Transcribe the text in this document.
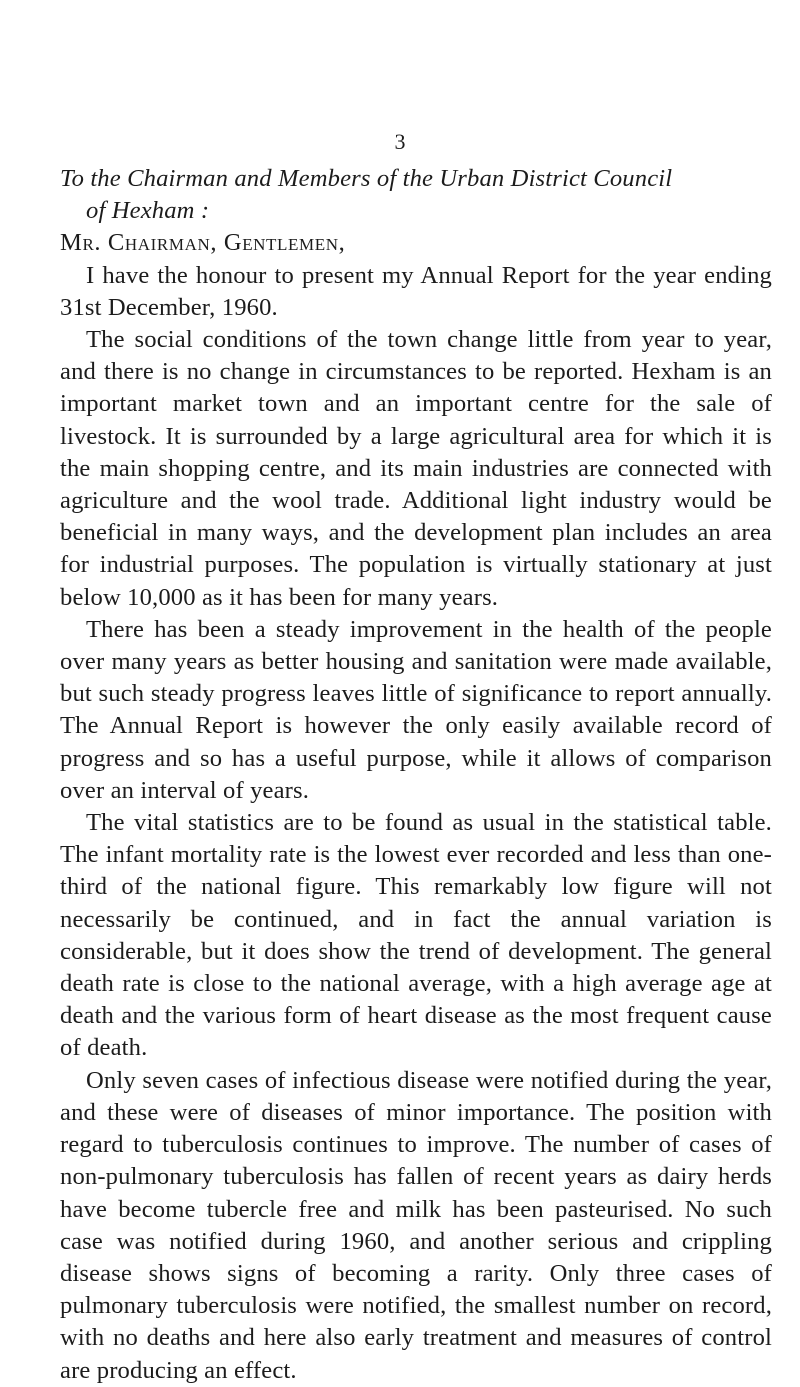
3

To the Chairman and Members of the Urban District Council
of Hexham :

Mr. Chairman, Gentlemen,

I have the honour to present my Annual Report for the year ending 31st December, 1960.

The social conditions of the town change little from year to year, and there is no change in circumstances to be reported. Hexham is an important market town and an important centre for the sale of livestock. It is surrounded by a large agricultural area for which it is the main shopping centre, and its main industries are connected with agriculture and the wool trade. Additional light industry would be beneficial in many ways, and the development plan includes an area for industrial purposes. The population is virtually stationary at just below 10,000 as it has been for many years.

There has been a steady improvement in the health of the people over many years as better housing and sanitation were made available, but such steady progress leaves little of significance to report annually. The Annual Report is however the only easily available record of progress and so has a useful purpose, while it allows of comparison over an interval of years.

The vital statistics are to be found as usual in the statistical table. The infant mortality rate is the lowest ever recorded and less than one-third of the national figure. This remarkably low figure will not necessarily be continued, and in fact the annual variation is considerable, but it does show the trend of development. The general death rate is close to the national average, with a high average age at death and the various form of heart disease as the most frequent cause of death.

Only seven cases of infectious disease were notified during the year, and these were of diseases of minor importance. The position with regard to tuberculosis continues to improve. The number of cases of non-pulmonary tuberculosis has fallen of recent years as dairy herds have become tubercle free and milk has been pasteurised. No such case was notified during 1960, and another serious and crippling disease shows signs of becoming a rarity. Only three cases of pulmonary tuberculosis were notified, the smallest number on record, with no deaths and here also early treatment and measures of control are producing an effect.
